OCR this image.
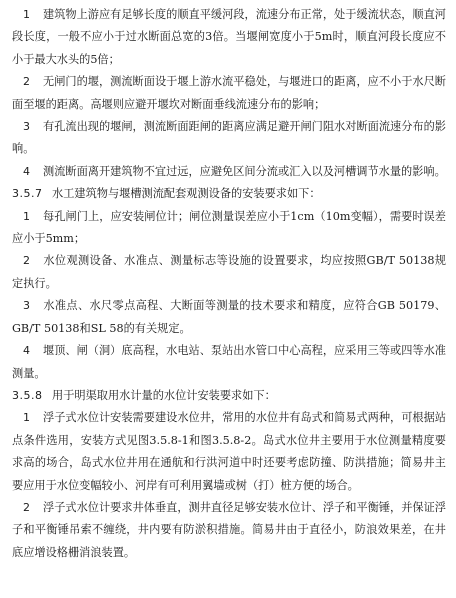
1 建筑物上游应有足够长度的顺直平缓河段，流速分布正常，处于缓流状态，顺直河段长度，一般不应小于过水断面总宽的3倍。当堰闸宽度小于5m时，顺直河段长度应不小于最大水头的5倍；

2 无闸门的堰，测流断面设于堰上游水流平稳处，与堰进口的距离，应不小于水尺断面至堰的距离。高堰则应避开堰坎对断面垂线流速分布的影响；

3 有孔流出现的堰闸，测流断面距闸的距离应满足避开闸门阻水对断面流速分布的影响。

4 测流断面离开建筑物不宜过远，应避免区间分流或汇入以及河槽调节水量的影响。

3.5.7 水工建筑物与堰槽测流配套观测设备的安装要求如下：

1 每孔闸门上，应安装闸位计；闸位测量误差应小于1cm（10m变幅），需要时误差应小于5mm；

2 水位观测设备、水准点、测量标志等设施的设置要求，均应按照GB/T 50138规定执行。

3 水准点、水尺零点高程、大断面等测量的技术要求和精度，应符合GB 50179、GB/T 50138和SL 58的有关规定。

4 堰顶、闸（洞）底高程，水电站、泵站出水管口中心高程，应采用三等或四等水准测量。

3.5.8 用于明渠取用水计量的水位计安装要求如下：

1 浮子式水位计安装需要建设水位井，常用的水位井有岛式和简易式两种，可根据站点条件选用，安装方式见图3.5.8-1和图3.5.8-2。岛式水位井主要用于水位测量精度要求高的场合，岛式水位井用在通航和行洪河道中时还要考虑防撞、防洪措施；简易井主要应用于水位变幅较小、河岸有可利用翼墙或树（打）桩方便的场合。

2 浮子式水位计要求井体垂直，测井直径足够安装水位计、浮子和平衡锤，并保证浮子和平衡锤吊索不缠绕，井内要有防淤积措施。简易井由于直径小，防浪效果差，在井底应增设格栅消浪装置。
